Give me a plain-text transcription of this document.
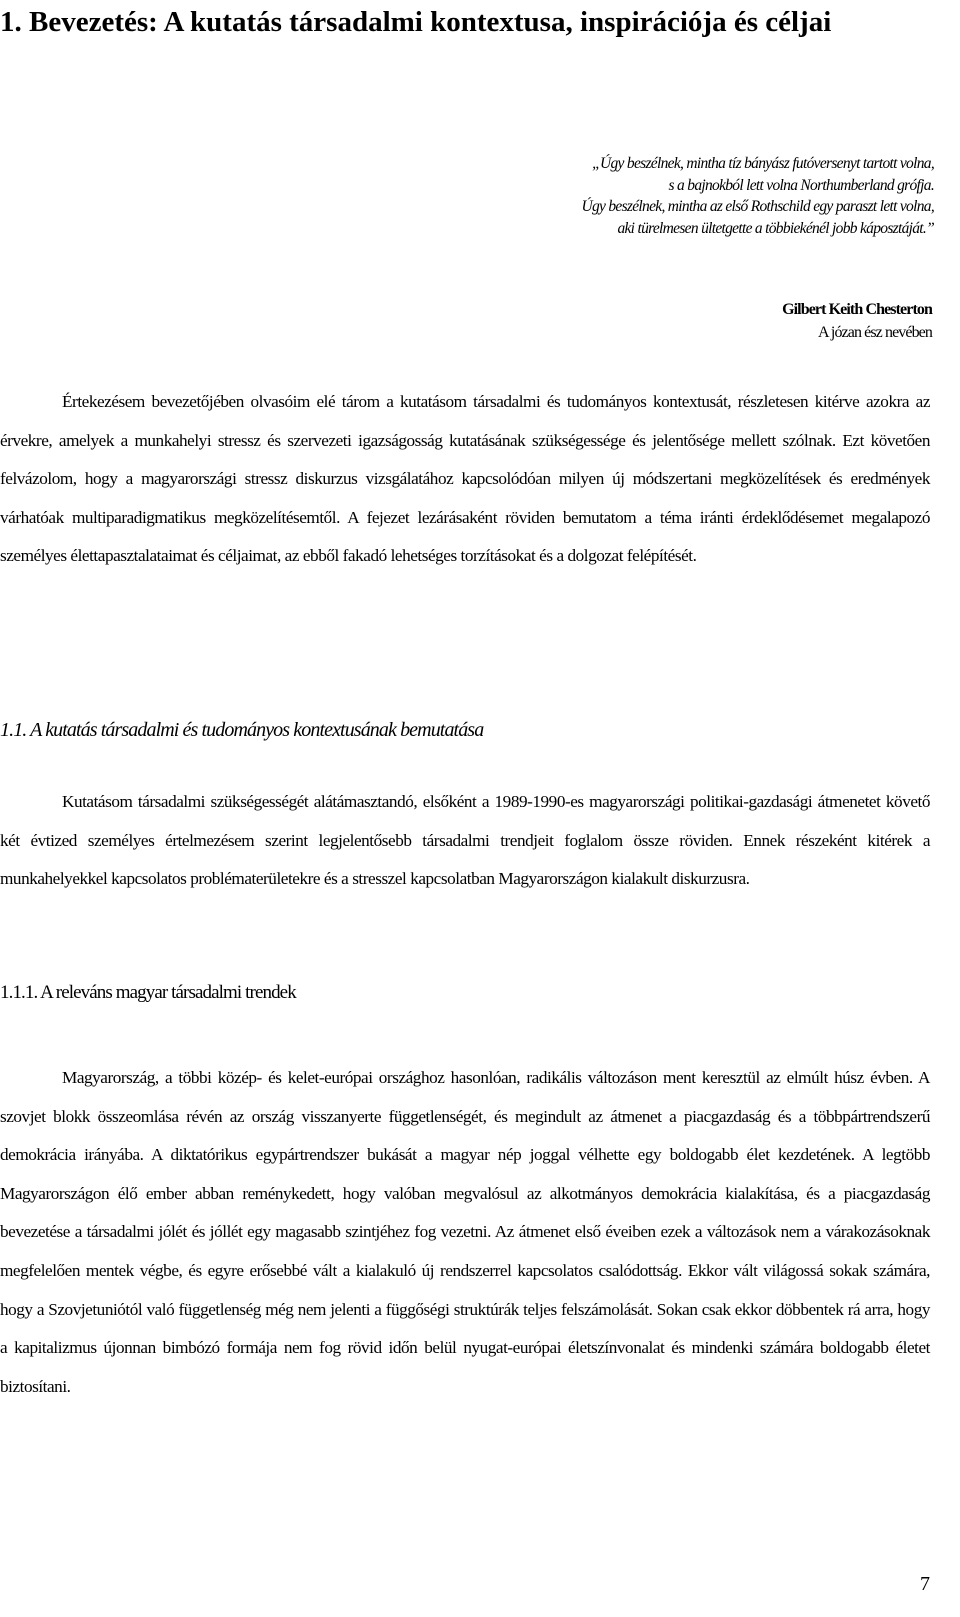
1. Bevezetés: A kutatás társadalmi kontextusa, inspirációja és céljai
„Úgy beszélnek, mintha tíz bányász futóversenyt tartott volna,
s a bajnokból lett volna Northumberland grófja.
Úgy beszélnek, mintha az első Rothschild egy paraszt lett volna,
aki türelmesen ültetgette a többiekénél jobb káposztáját.”
Gilbert Keith Chesterton
A józan ész nevében

Értekezésem bevezetőjében olvasóim elé tárom a kutatásom társadalmi és tudományos kontextusát, részletesen kitérve azokra az érvekre, amelyek a munkahelyi stressz és szervezeti igazságosság kutatásának szükségessége és jelentősége mellett szólnak. Ezt követően felvázolom, hogy a magyarországi stressz diskurzus vizsgálatához kapcsolódóan milyen új módszertani megközelítések és eredmények várhatóak multiparadigmatikus megközelítésemtől. A fejezet lezárásaként röviden bemutatom a téma iránti érdeklődésemet megalapozó személyes élettapasztalataimat és céljaimat, az ebből fakadó lehetséges torzításokat és a dolgozat felépítését.

1.1. A kutatás társadalmi és tudományos kontextusának bemutatása

Kutatásom társadalmi szükségességét alátámasztandó, elsőként a 1989-1990-es magyarországi politikai-gazdasági átmenetet követő két évtized személyes értelmezésem szerint legjelentősebb társadalmi trendjeit foglalom össze röviden. Ennek részeként kitérek a munkahelyekkel kapcsolatos problématerületekre és a stresszel kapcsolatban Magyarországon kialakult diskurzusra.

1.1.1. A releváns magyar társadalmi trendek

Magyarország, a többi közép- és kelet-európai országhoz hasonlóan, radikális változáson ment keresztül az elmúlt húsz évben. A szovjet blokk összeomlása révén az ország visszanyerte függetlenségét, és megindult az átmenet a piacgazdaság és a többpártrendszerű demokrácia irányába. A diktatórikus egypártrendszer bukását a magyar nép joggal vélhette egy boldogabb élet kezdetének. A legtöbb Magyarországon élő ember abban reménykedett, hogy valóban megvalósul az alkotmányos demokrácia kialakítása, és a piacgazdaság bevezetése a társadalmi jólét és jóllét egy magasabb szintjéhez fog vezetni. Az átmenet első éveiben ezek a változások nem a várakozásoknak megfelelően mentek végbe, és egyre erősebbé vált a kialakuló új rendszerrel kapcsolatos csalódottság. Ekkor vált világossá sokak számára, hogy a Szovjetuniótól való függetlenség még nem jelenti a függőségi struktúrák teljes felszámolását. Sokan csak ekkor döbbentek rá arra, hogy a kapitalizmus újonnan bimbózó formája nem fog rövid időn belül nyugat-európai életszínvonalat és mindenki számára boldogabb életet biztosítani.

7
